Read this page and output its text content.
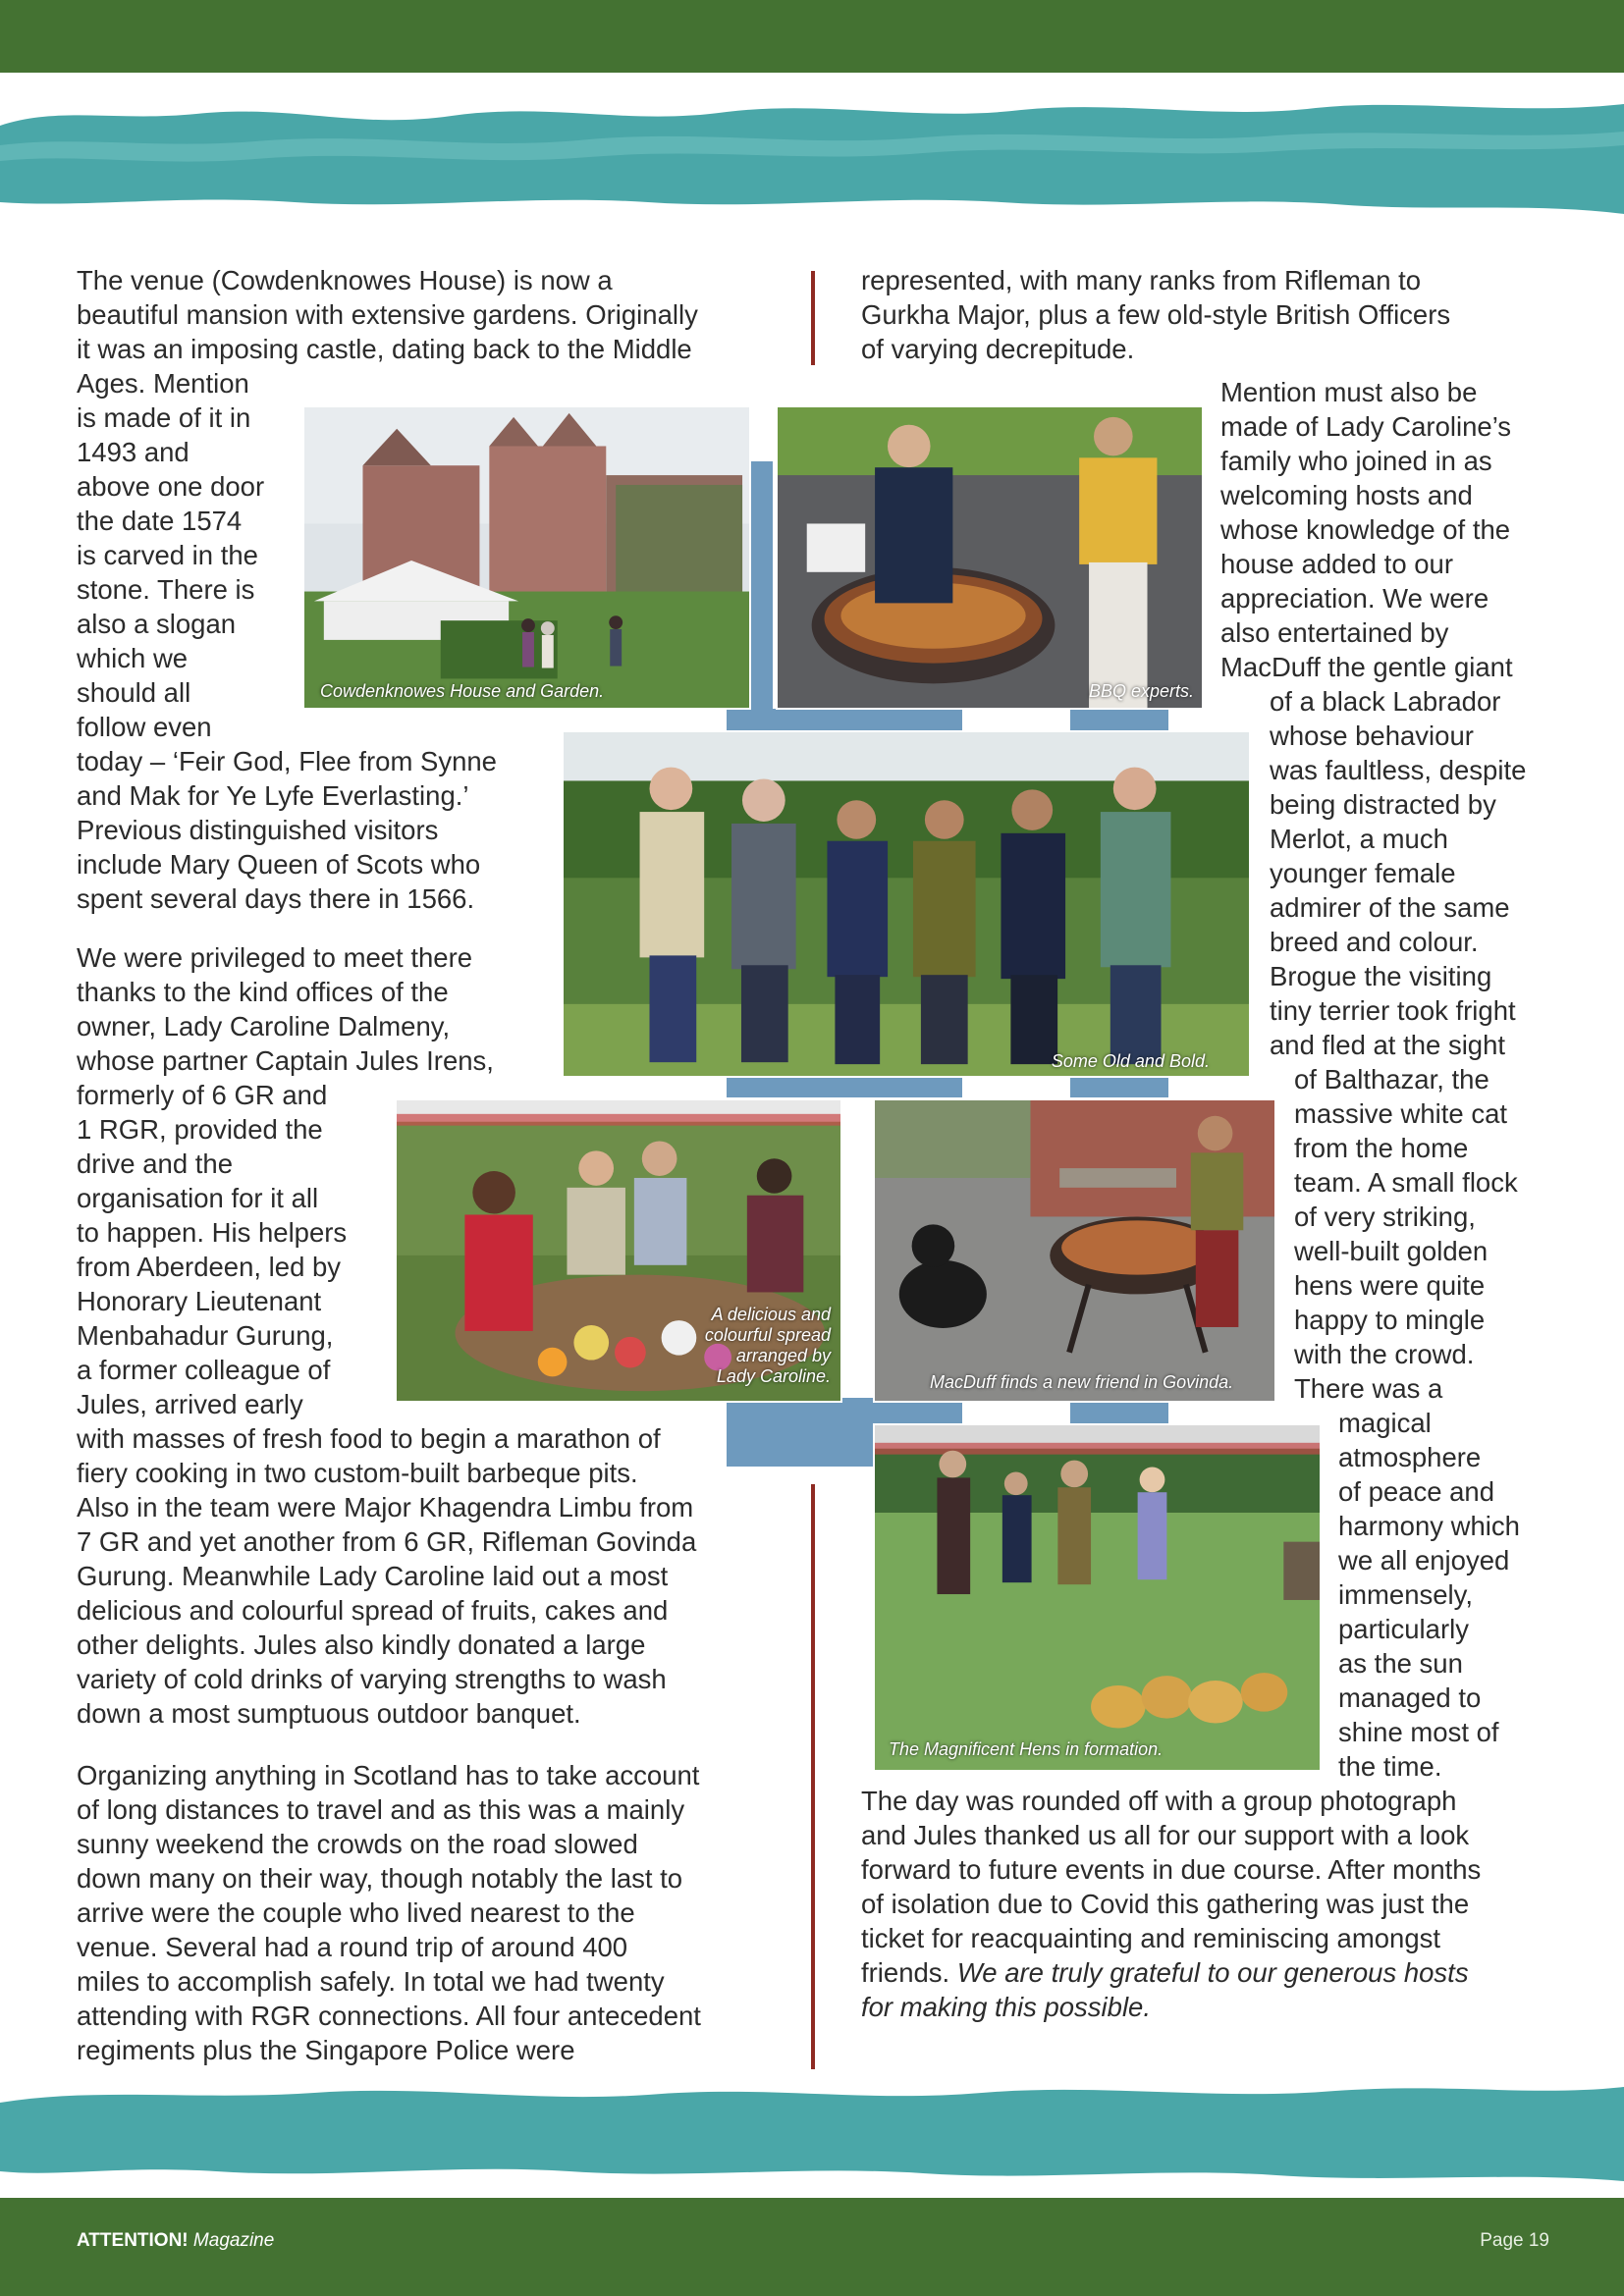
The venue (Cowdenknowes House) is now a
beautiful mansion with extensive gardens. Originally
it was an imposing castle, dating back to the Middle
Ages. Mention
is made of it in
1493 and
above one door
the date 1574
is carved in the
stone. There is
also a slogan
which we
should all
follow even
today – ‘Feir God, Flee from Synne
and Mak for Ye Lyfe Everlasting.’
Previous distinguished visitors
include Mary Queen of Scots who
spent several days there in 1566.
We were privileged to meet there
thanks to the kind offices of the
owner, Lady Caroline Dalmeny,
whose partner Captain Jules Irens,
formerly of 6 GR and
1 RGR, provided the
drive and the
organisation for it all
to happen. His helpers
from Aberdeen, led by
Honorary Lieutenant
Menbahadur Gurung,
a former colleague of
Jules, arrived early
with masses of fresh food to begin a marathon of
fiery cooking in two custom-built barbeque pits.
Also in the team were Major Khagendra Limbu from
7 GR and yet another from 6 GR, Rifleman Govinda
Gurung. Meanwhile Lady Caroline laid out a most
delicious and colourful spread of fruits, cakes and
other delights. Jules also kindly donated a large
variety of cold drinks of varying strengths to wash
down a most sumptuous outdoor banquet.
Organizing anything in Scotland has to take account
of long distances to travel and as this was a mainly
sunny weekend the crowds on the road slowed
down many on their way, though notably the last to
arrive were the couple who lived nearest to the
venue. Several had a round trip of around 400
miles to accomplish safely. In total we had twenty
attending with RGR connections. All four antecedent
regiments plus the Singapore Police were
represented, with many ranks from Rifleman to
Gurkha Major, plus a few old-style British Officers
of varying decrepitude.
Mention must also be
made of Lady Caroline’s
family who joined in as
welcoming hosts and
whose knowledge of the
house added to our
appreciation. We were
also entertained by
MacDuff the gentle giant
of a black Labrador
whose behaviour
was faultless, despite
being distracted by
Merlot, a much
younger female
admirer of the same
breed and colour.
Brogue the visiting
tiny terrier took fright
and fled at the sight
of Balthazar, the
massive white cat
from the home
team. A small flock
of very striking,
well-built golden
hens were quite
happy to mingle
with the crowd.
There was a
magical
atmosphere
of peace and
harmony which
we all enjoyed
immensely,
particularly
as the sun
managed to
shine most of
the time.
The day was rounded off with a group photograph
and Jules thanked us all for our support with a look
forward to future events in due course. After months
of isolation due to Covid this gathering was just the
ticket for reacquainting and reminiscing amongst
friends. We are truly grateful to our generous hosts
for making this possible.
Cowdenknowes House and Garden.	BBQ experts.
Some Old and Bold.
A delicious and
colourful spread
arranged by
Lady Caroline.	MacDuff finds a new friend in Govinda.
The Magnificent Hens in formation.
ATTENTION! Magazine	Page 19
